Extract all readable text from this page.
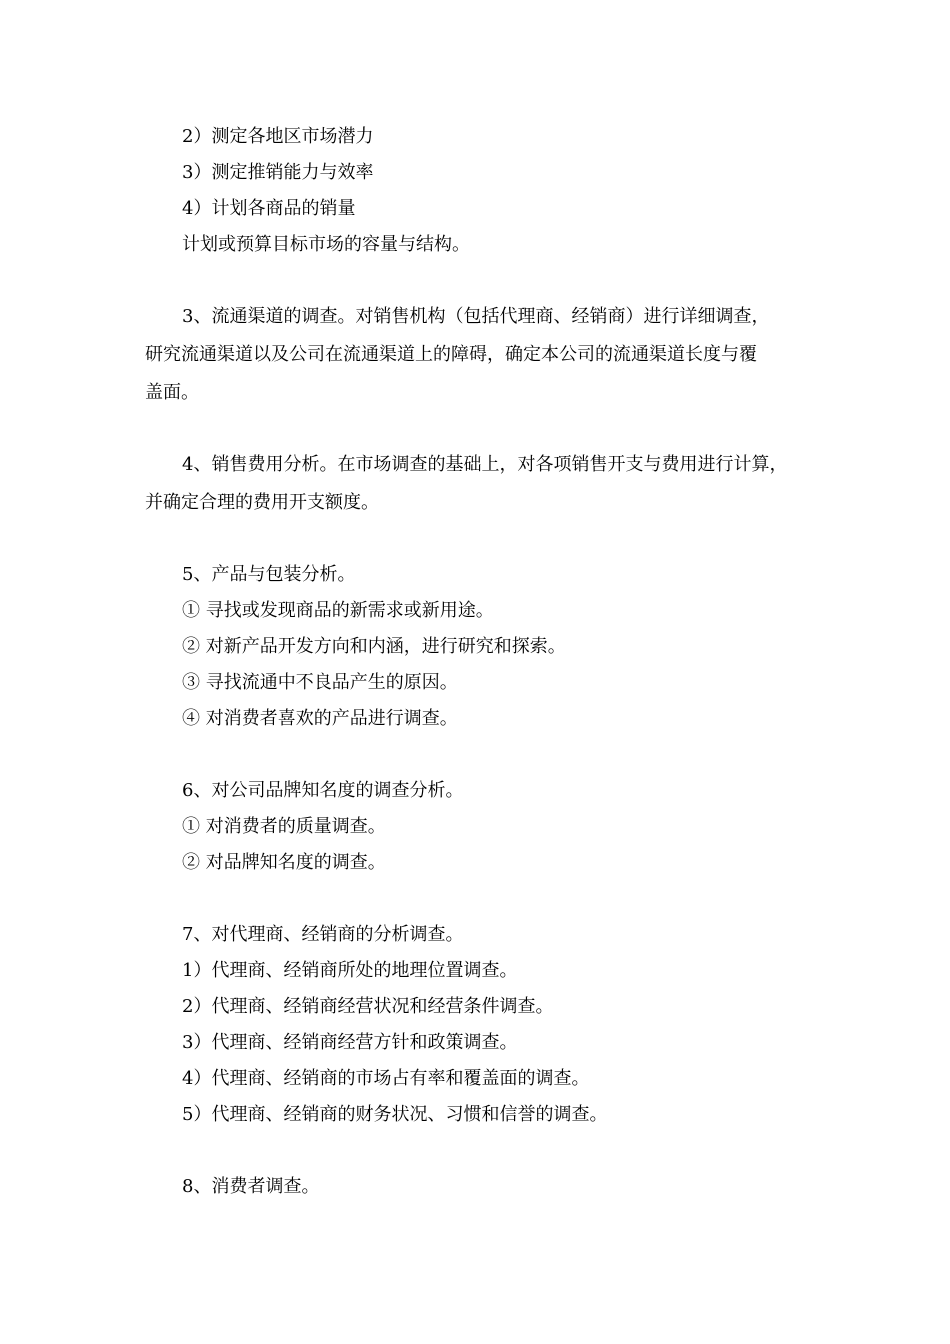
2）测定各地区市场潜力
3）测定推销能力与效率
4）计划各商品的销量
计划或预算目标市场的容量与结构。
3、流通渠道的调查。对销售机构（包括代理商、经销商）进行详细调查，
研究流通渠道以及公司在流通渠道上的障碍，确定本公司的流通渠道长度与覆
盖面。
4、销售费用分析。在市场调查的基础上，对各项销售开支与费用进行计算，
并确定合理的费用开支额度。
5、产品与包装分析。
① 寻找或发现商品的新需求或新用途。
② 对新产品开发方向和内涵，进行研究和探索。
③ 寻找流通中不良品产生的原因。
④ 对消费者喜欢的产品进行调查。
6、对公司品牌知名度的调查分析。
① 对消费者的质量调查。
② 对品牌知名度的调查。
7、对代理商、经销商的分析调查。
1）代理商、经销商所处的地理位置调查。
2）代理商、经销商经营状况和经营条件调查。
3）代理商、经销商经营方针和政策调查。
4）代理商、经销商的市场占有率和覆盖面的调查。
5）代理商、经销商的财务状况、习惯和信誉的调查。
8、消费者调查。
